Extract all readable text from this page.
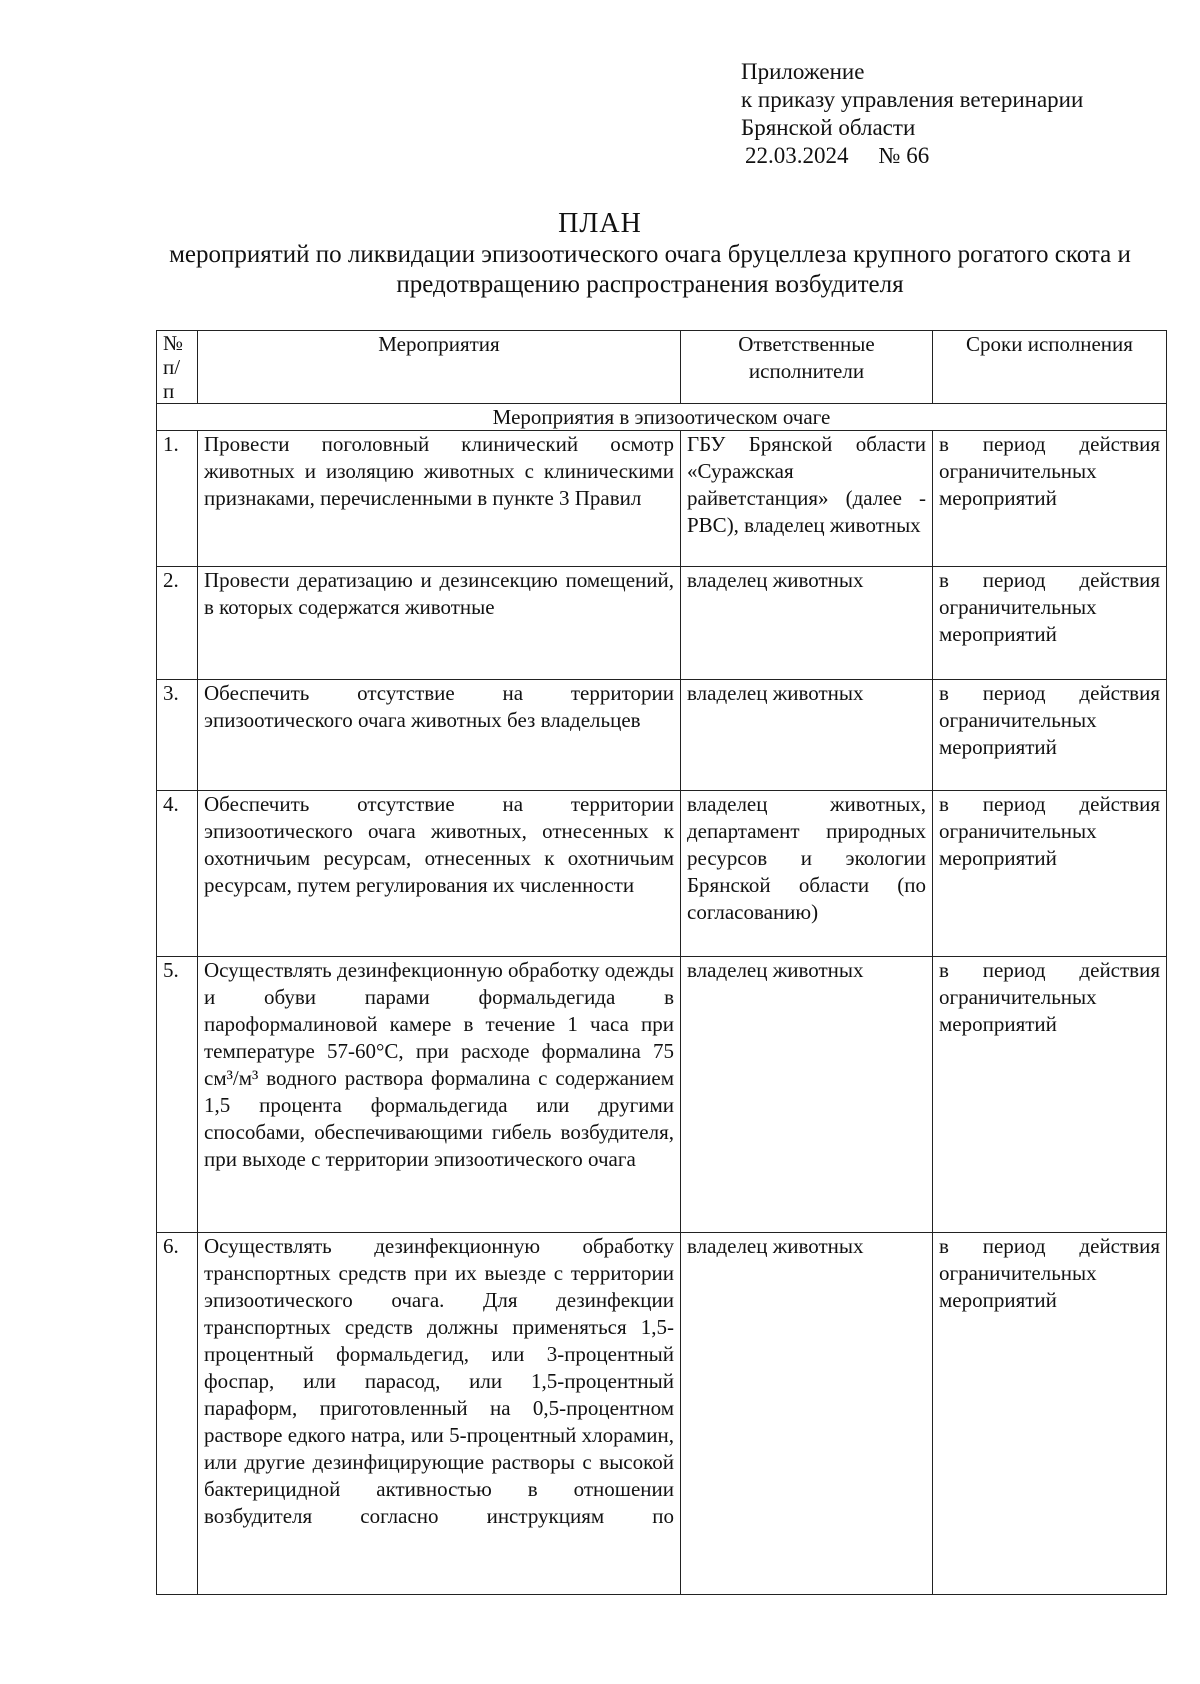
Приложение
к приказу управления ветеринарии
Брянской области
22.03.2024 № 66
ПЛАН
мероприятий по ликвидации эпизоотического очага бруцеллеза крупного рогатого скота и предотвращению распространения возбудителя
№ п/п	Мероприятия	Ответственные исполнители	Сроки исполнения
Мероприятия в эпизоотическом очаге			
1.	Провести поголовный клинический осмотр животных и изоляцию животных с клиническими признаками, перечисленными в пункте 3 Правил	ГБУ Брянской области «Суражская райветстанция» (далее - РВС), владелец животных	в период действия ограничительных мероприятий
2.	Провести дератизацию и дезинсекцию помещений, в которых содержатся животные	владелец животных	в период действия ограничительных мероприятий
3.	Обеспечить отсутствие на территории эпизоотического очага животных без владельцев	владелец животных	в период действия ограничительных мероприятий
4.	Обеспечить отсутствие на территории эпизоотического очага животных, отнесенных к охотничьим ресурсам, отнесенных к охотничьим ресурсам, путем регулирования их численности	владелец животных, департамент природных ресурсов и экологии Брянской области (по согласованию)	в период действия ограничительных мероприятий
5.	Осуществлять дезинфекционную обработку одежды и обуви парами формальдегида в пароформалиновой камере в течение 1 часа при температуре 57-60°С, при расходе формалина 75 см³/м³ водного раствора формалина с содержанием 1,5 процента формальдегида или другими способами, обеспечивающими гибель возбудителя, при выходе с территории эпизоотического очага	владелец животных	в период действия ограничительных мероприятий
6.	Осуществлять дезинфекционную обработку транспортных средств при их выезде с территории эпизоотического очага. Для дезинфекции транспортных средств должны применяться 1,5-процентный формальдегид, или 3-процентный фоспар, или парасод, или 1,5-процентный параформ, приготовленный на 0,5-процентном растворе едкого натра, или 5-процентный хлорамин, или другие дезинфицирующие растворы с высокой бактерицидной активностью в отношении возбудителя согласно инструкциям по	владелец животных	в период действия ограничительных мероприятий
